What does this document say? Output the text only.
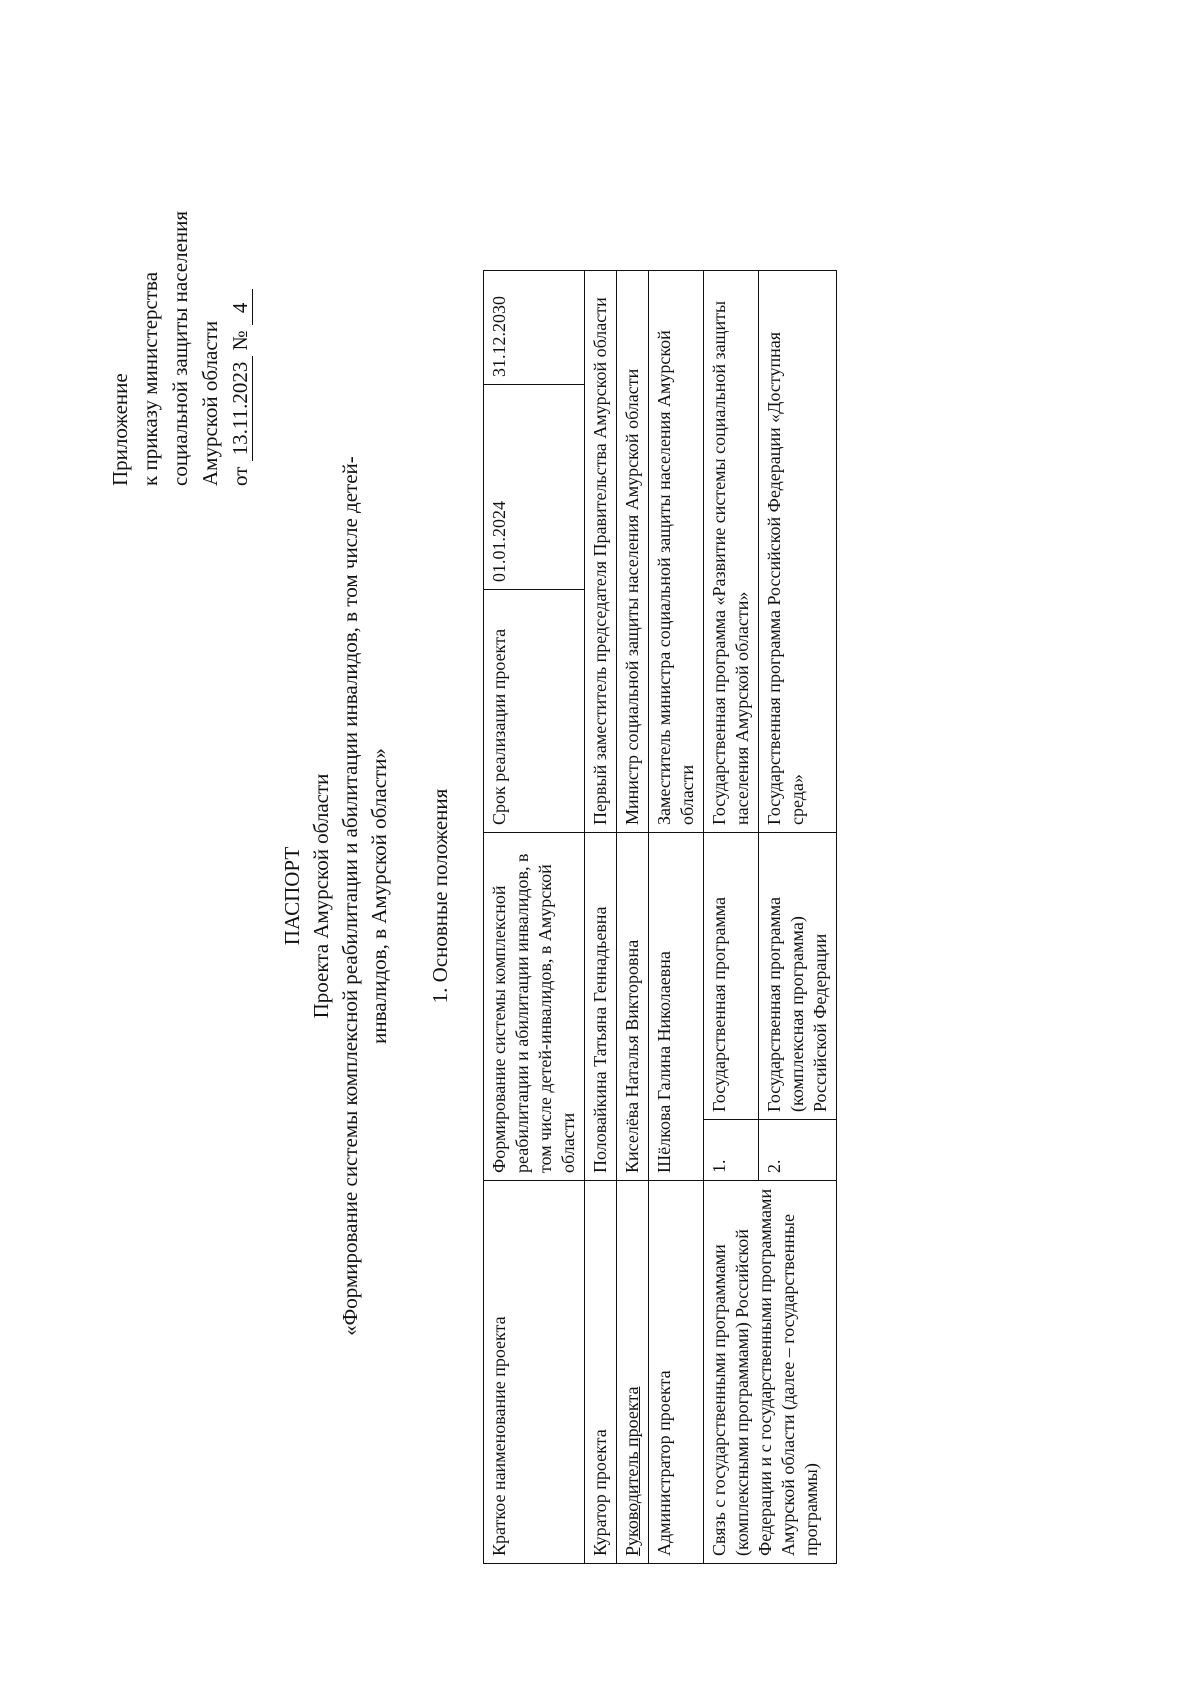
Приложение к приказу министерства социальной защиты населения Амурской области от 13.11.2023 № 4
ПАСПОРТ Проекта Амурской области «Формирование системы комплексной реабилитации и абилитации инвалидов, в том числе детей- инвалидов, в Амурской области» 1. Основные положения
Краткое наименование проекта	Формирование системы комплексной реабилитации и абилитации инвалидов, в том числе детей-инвалидов, в Амурской области		Срок реализации проекта	01.01.2024	31.12.2030
Куратор проекта	Половайкина Татьяна Геннадьевна		Первый заместитель председателя Правительства Амурской области		
Руководитель проекта	Киселёва Наталья Викторовна		Министр социальной защиты населения Амурской области		
Администратор проекта	Шёлкова Галина Николаевна		Заместитель министра социальной защиты населения Амурской области		
Связь с государственными программами (комплексными программами) Российской Федерации и с государственными программами Амурской области (далее – государственные программы)	1.	Государственная программа	Государственная программа «Развитие системы социальной защиты населения Амурской области»		
	2.	Государственная программа (комплексная программа) Российской Федерации	Государственная программа Российской Федерации «Доступная среда»		
